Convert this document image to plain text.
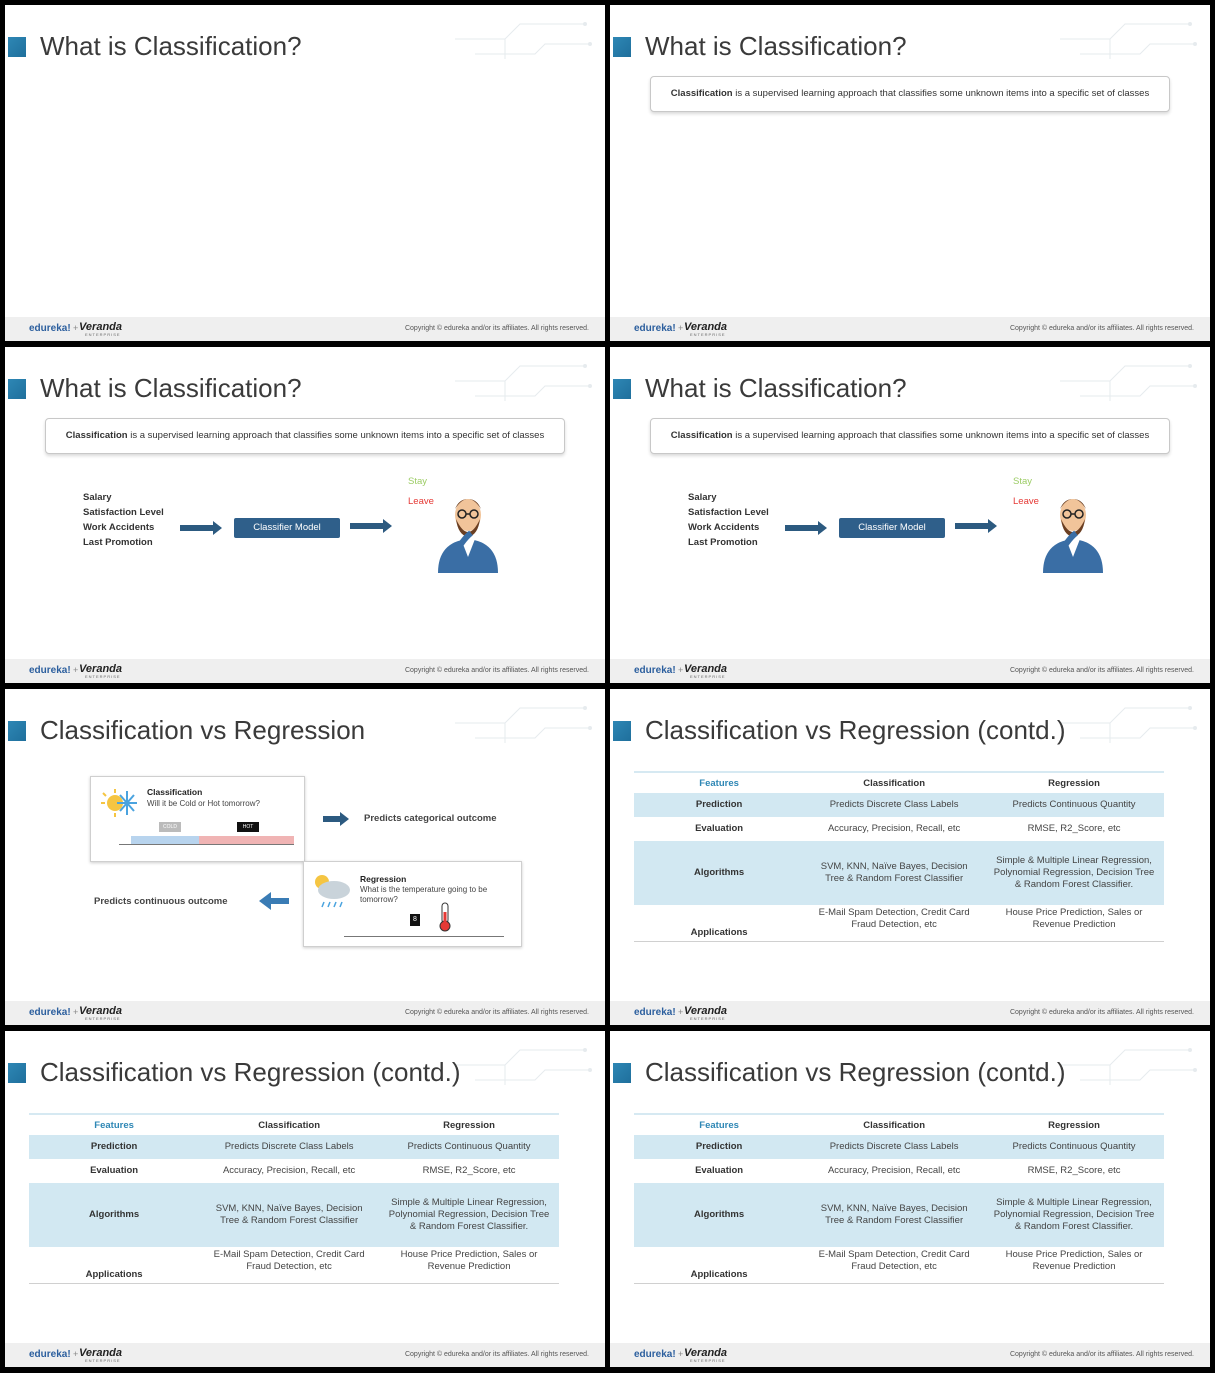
What is Classification?
edureka! + Veranda
ENTERPRISE
Copyright © edureka and/or its affiliates. All rights reserved.
What is Classification?
Classification is a supervised learning approach that classifies some unknown items into a specific set of classes
edureka! + Veranda
ENTERPRISE
Copyright © edureka and/or its affiliates. All rights reserved.
What is Classification?
Classification is a supervised learning approach that classifies some unknown items into a specific set of classes
Salary
Satisfaction Level
Work Accidents
Last Promotion
Classifier Model
Stay
Leave
edureka! + Veranda
ENTERPRISE
Copyright © edureka and/or its affiliates. All rights reserved.
What is Classification?
Classification is a supervised learning approach that classifies some unknown items into a specific set of classes
Salary
Satisfaction Level
Work Accidents
Last Promotion
Classifier Model
Stay
Leave
edureka! + Veranda
ENTERPRISE
Copyright © edureka and/or its affiliates. All rights reserved.
Classification vs Regression
Classification
Will it be Cold or Hot tomorrow?
COLD	HOT
Predicts categorical outcome
Regression
What is the temperature going to be tomorrow?
8
Predicts continuous outcome
edureka! + Veranda
ENTERPRISE
Copyright © edureka and/or its affiliates. All rights reserved.
Classification vs Regression (contd.)
Features	Classification	Regression
Prediction	Predicts Discrete Class Labels	Predicts Continuous Quantity
Evaluation	Accuracy, Precision, Recall, etc	RMSE, R2_Score, etc
Algorithms	SVM, KNN, Naïve Bayes, Decision Tree & Random Forest Classifier	Simple & Multiple Linear Regression, Polynomial Regression, Decision Tree & Random Forest Classifier.
Applications	E-Mail Spam Detection, Credit Card Fraud Detection, etc	House Price Prediction, Sales or Revenue Prediction
edureka! + Veranda
ENTERPRISE
Copyright © edureka and/or its affiliates. All rights reserved.
Classification vs Regression (contd.)
Features	Classification	Regression
Prediction	Predicts Discrete Class Labels	Predicts Continuous Quantity
Evaluation	Accuracy, Precision, Recall, etc	RMSE, R2_Score, etc
Algorithms	SVM, KNN, Naïve Bayes, Decision Tree & Random Forest Classifier	Simple & Multiple Linear Regression, Polynomial Regression, Decision Tree & Random Forest Classifier.
Applications	E-Mail Spam Detection, Credit Card Fraud Detection, etc	House Price Prediction, Sales or Revenue Prediction
edureka! + Veranda
ENTERPRISE
Copyright © edureka and/or its affiliates. All rights reserved.
Classification vs Regression (contd.)
Features	Classification	Regression
Prediction	Predicts Discrete Class Labels	Predicts Continuous Quantity
Evaluation	Accuracy, Precision, Recall, etc	RMSE, R2_Score, etc
Algorithms	SVM, KNN, Naïve Bayes, Decision Tree & Random Forest Classifier	Simple & Multiple Linear Regression, Polynomial Regression, Decision Tree & Random Forest Classifier.
Applications	E-Mail Spam Detection, Credit Card Fraud Detection, etc	House Price Prediction, Sales or Revenue Prediction
edureka! + Veranda
ENTERPRISE
Copyright © edureka and/or its affiliates. All rights reserved.
